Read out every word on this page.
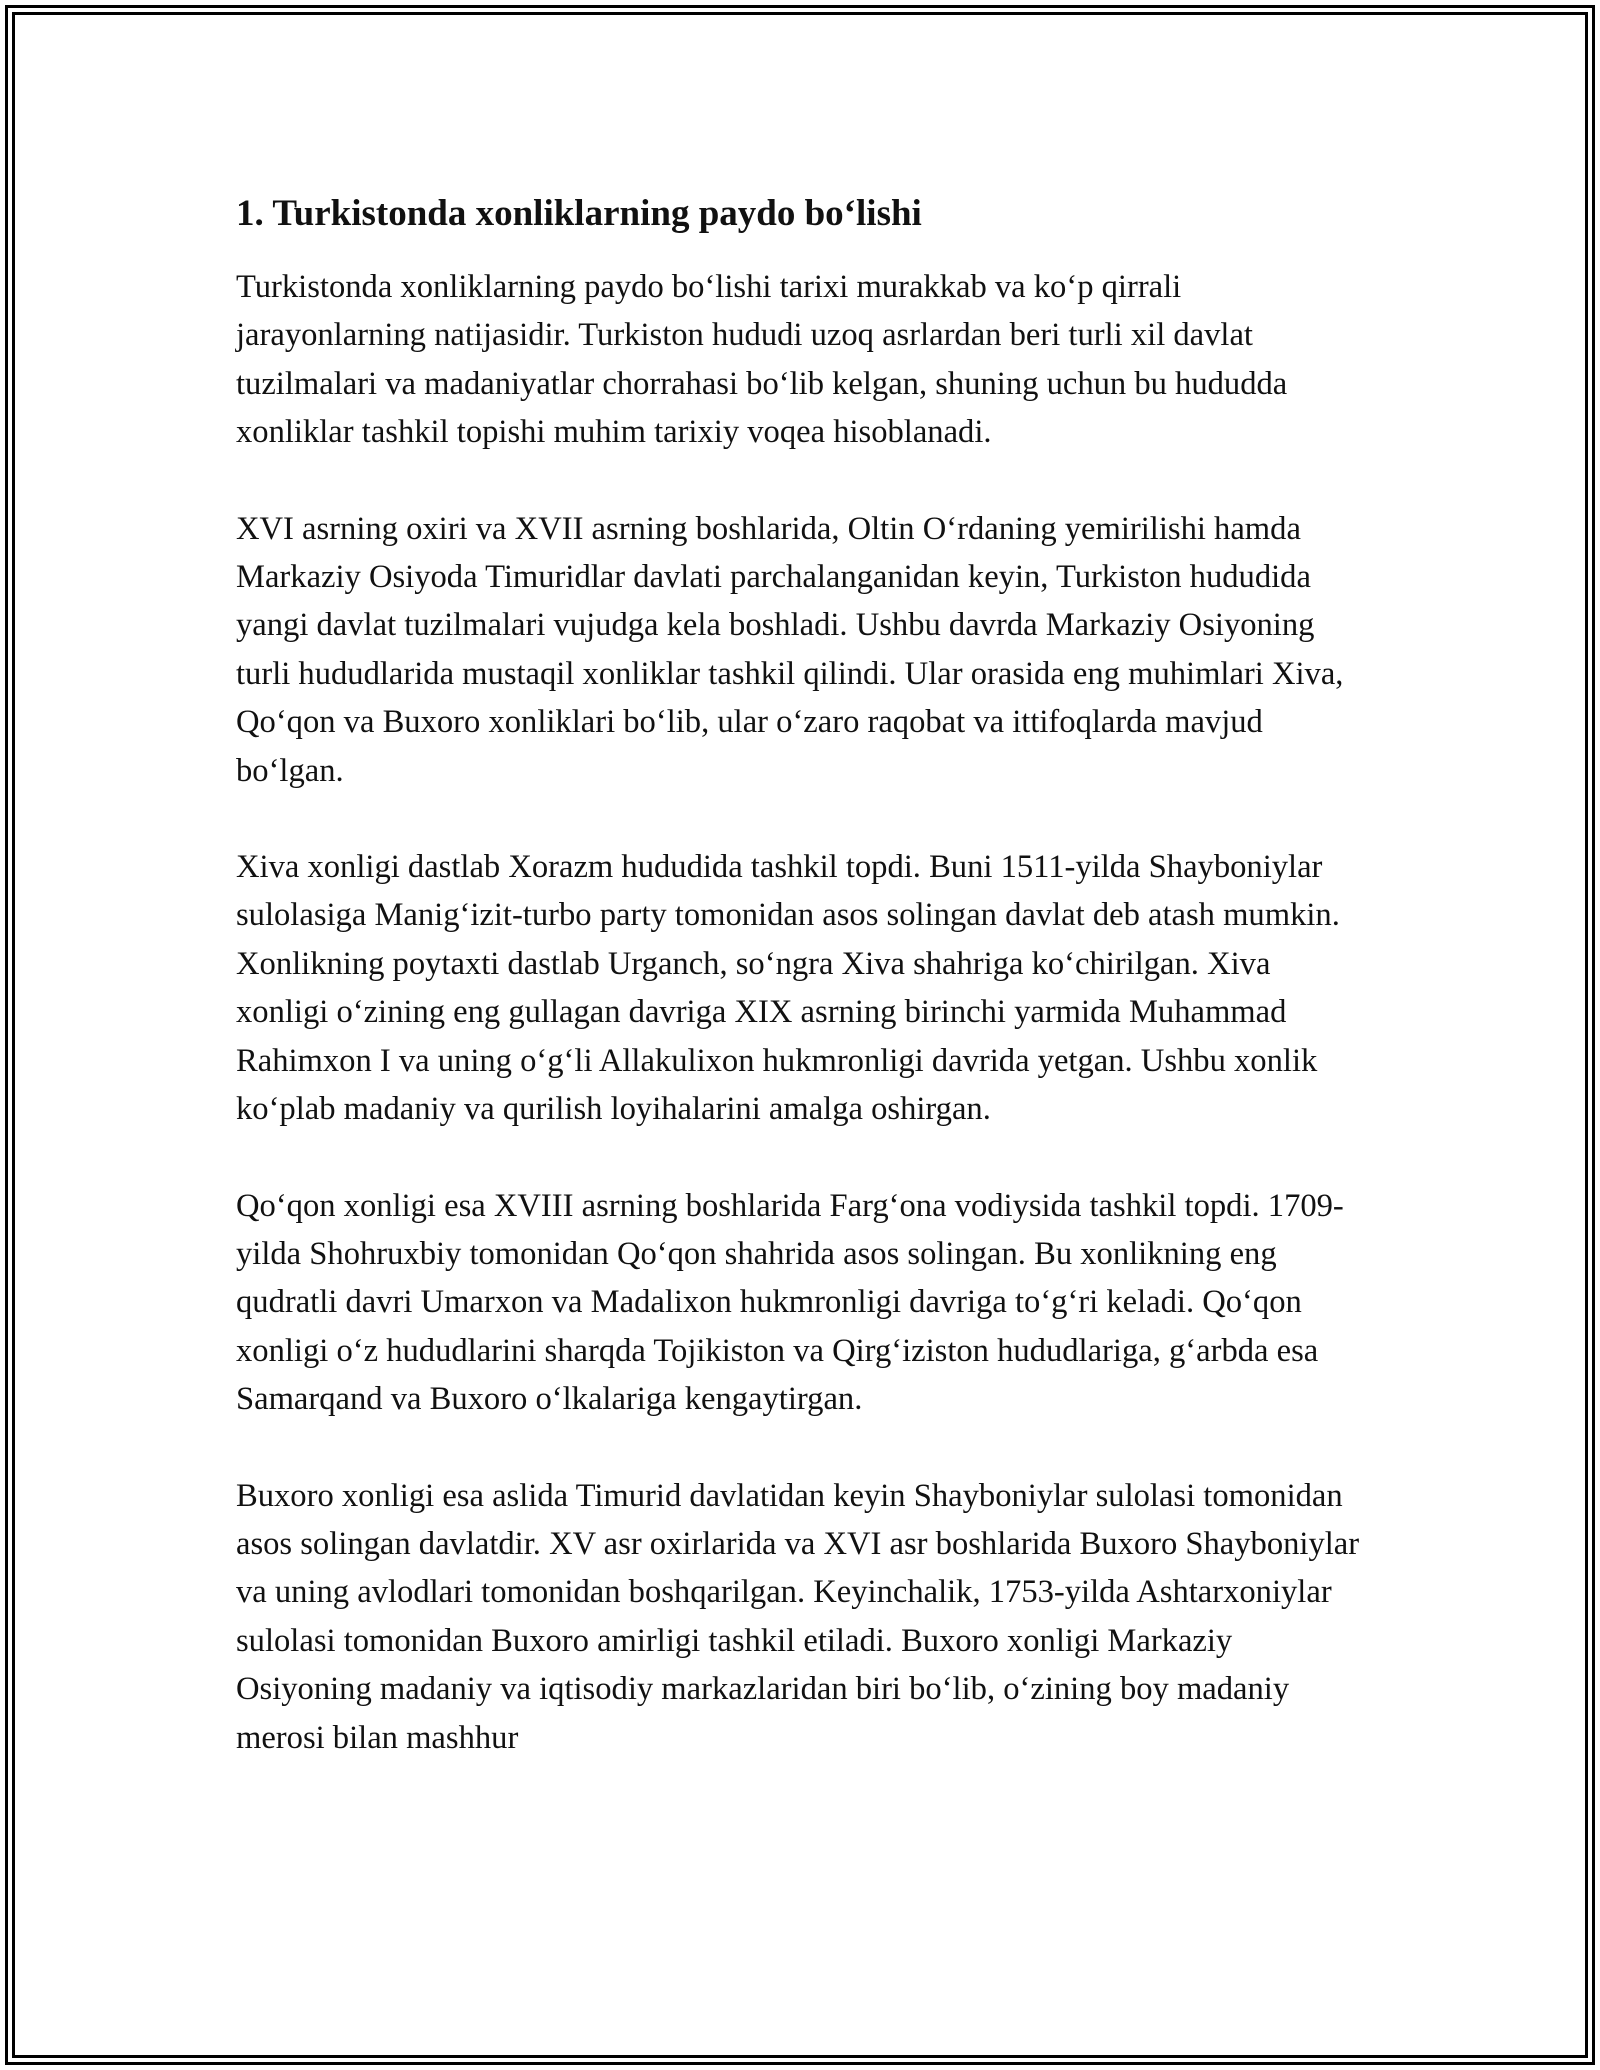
1. Turkistonda xonliklarning paydo bo‘lishi

Turkistonda xonliklarning paydo bo‘lishi tarixi murakkab va ko‘p qirrali jarayonlarning natijasidir. Turkiston hududi uzoq asrlardan beri turli xil davlat tuzilmalari va madaniyatlar chorrahasi bo‘lib kelgan, shuning uchun bu hududda xonliklar tashkil topishi muhim tarixiy voqea hisoblanadi.

XVI asrning oxiri va XVII asrning boshlarida, Oltin O‘rdaning yemirilishi hamda Markaziy Osiyoda Timuridlar davlati parchalanganidan keyin, Turkiston hududida yangi davlat tuzilmalari vujudga kela boshladi. Ushbu davrda Markaziy Osiyoning turli hududlarida mustaqil xonliklar tashkil qilindi. Ular orasida eng muhimlari Xiva, Qo‘qon va Buxoro xonliklari bo‘lib, ular o‘zaro raqobat va ittifoqlarda mavjud bo‘lgan.

Xiva xonligi dastlab Xorazm hududida tashkil topdi. Buni 1511-yilda Shayboniylar sulolasiga Manig‘izit-turbo party tomonidan asos solingan davlat deb atash mumkin. Xonlikning poytaxti dastlab Urganch, so‘ngra Xiva shahriga ko‘chirilgan. Xiva xonligi o‘zining eng gullagan davriga XIX asrning birinchi yarmida Muhammad Rahimxon I va uning o‘g‘li Allakulixon hukmronligi davrida yetgan. Ushbu xonlik ko‘plab madaniy va qurilish loyihalarini amalga oshirgan.

Qo‘qon xonligi esa XVIII asrning boshlarida Farg‘ona vodiysida tashkil topdi. 1709-yilda Shohruxbiy tomonidan Qo‘qon shahrida asos solingan. Bu xonlikning eng qudratli davri Umarxon va Madalixon hukmronligi davriga to‘g‘ri keladi. Qo‘qon xonligi o‘z hududlarini sharqda Tojikiston va Qirg‘iziston hududlariga, g‘arbda esa Samarqand va Buxoro o‘lkalariga kengaytirgan.

Buxoro xonligi esa aslida Timurid davlatidan keyin Shayboniylar sulolasi tomonidan asos solingan davlatdir. XV asr oxirlarida va XVI asr boshlarida Buxoro Shayboniylar va uning avlodlari tomonidan boshqarilgan. Keyinchalik, 1753-yilda Ashtarxoniylar sulolasi tomonidan Buxoro amirligi tashkil etiladi. Buxoro xonligi Markaziy Osiyoning madaniy va iqtisodiy markazlaridan biri bo‘lib, o‘zining boy madaniy merosi bilan mashhur
